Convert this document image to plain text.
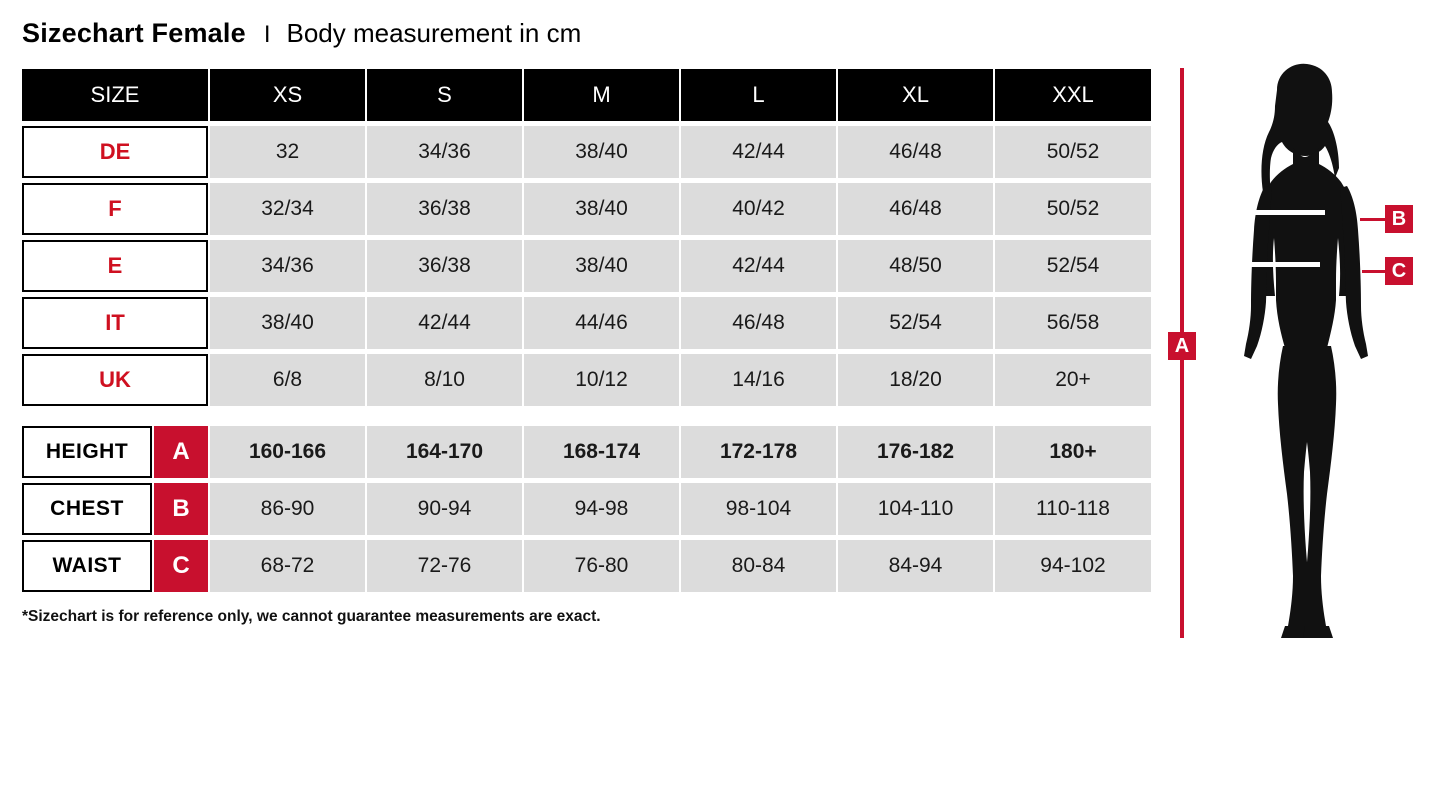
Sizechart Female I Body measurement in cm
SIZE	XS	S	M	L	XL	XXL
DE	32	34/36	38/40	42/44	46/48	50/52
F	32/34	36/38	38/40	40/42	46/48	50/52
E	34/36	36/38	38/40	42/44	48/50	52/54
IT	38/40	42/44	44/46	46/48	52/54	56/58
UK	6/8	8/10	10/12	14/16	18/20	20+
HEIGHT	A	160-166	164-170	168-174	172-178	176-182	180+
CHEST	B	86-90	90-94	94-98	98-104	104-110	110-118
WAIST	C	68-72	72-76	76-80	80-84	84-94	94-102
*Sizechart is for reference only, we cannot guarantee measurements are exact.
A
B
C
